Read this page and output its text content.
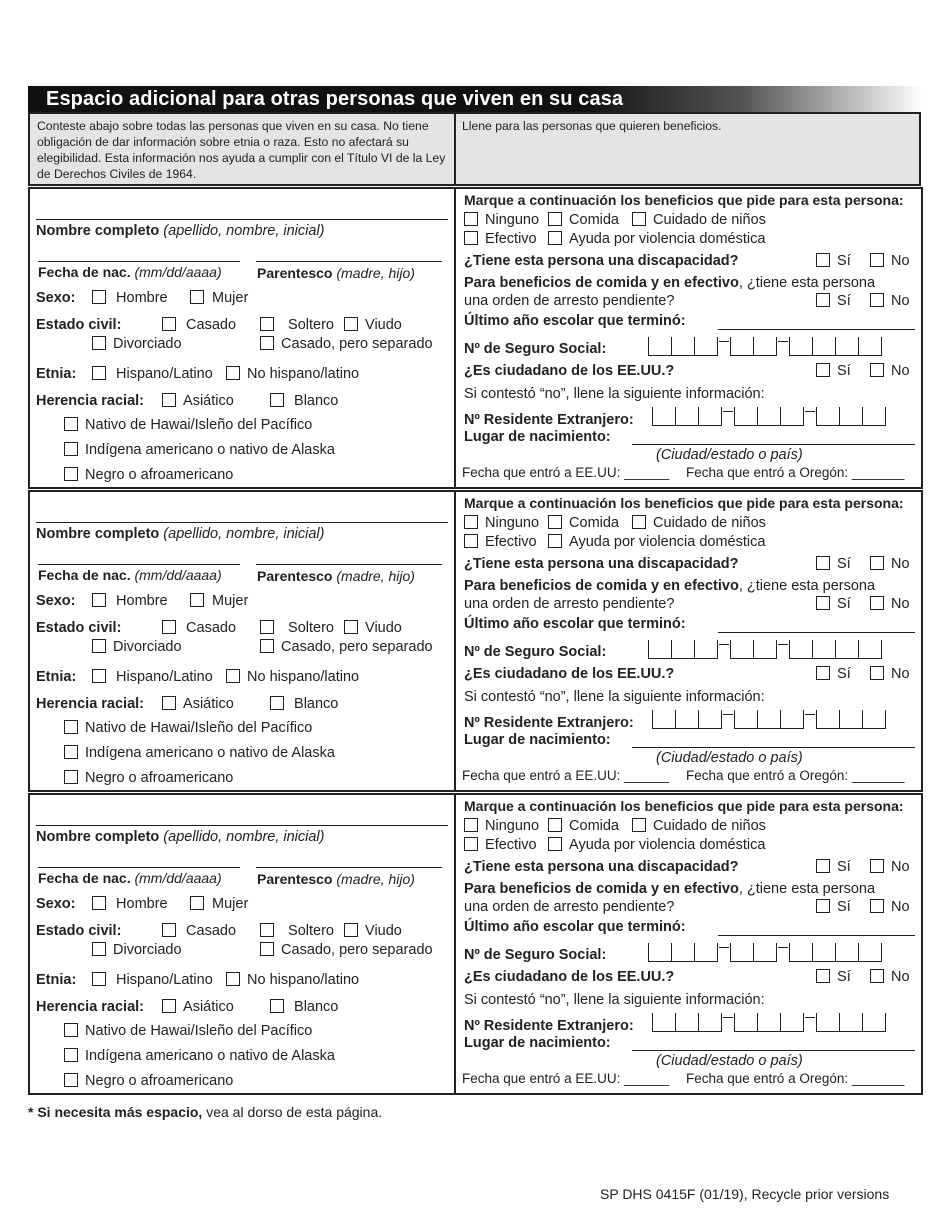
Espacio adicional para otras personas que viven en su casa
Conteste abajo sobre todas las personas que viven en su casa. No tiene obligación de dar información sobre etnia o raza. Esto no afectará su elegibilidad. Esta información nos ayuda a cumplir con el Título VI de la Ley de Derechos Civiles de 1964.
Llene para las personas que quieren beneficios.
Nombre completo (apellido, nombre, inicial)
Fecha de nac. (mm/dd/aaaa)	Parentesco (madre, hijo)
Sexo:	Hombre	Mujer
Estado civil:	Casado	Soltero	Viudo
Divorciado	Casado, pero separado
Etnia:	Hispano/Latino	No hispano/latino
Herencia racial:	Asiático	Blanco
Nativo de Hawai/Isleño del Pacífico
Indígena americano o nativo de Alaska
Negro o afroamericano
Marque a continuación los beneficios que pide para esta persona:
Ninguno	Comida	Cuidado de niños
Efectivo	Ayuda por violencia doméstica
¿Tiene esta persona una discapacidad?	Sí	No
Para beneficios de comida y en efectivo, ¿tiene esta persona
una orden de arresto pendiente?	Sí	No
Último año escolar que terminó:
Nº de Seguro Social:
¿Es ciudadano de los EE.UU.?	Sí	No
Si contestó “no”, llene la siguiente información:
Nº Residente Extranjero:
Lugar de nacimiento:
(Ciudad/estado o país)
Fecha que entró a EE.UU: ______ Fecha que entró a Oregón: _______
Nombre completo (apellido, nombre, inicial)
Fecha de nac. (mm/dd/aaaa)	Parentesco (madre, hijo)
Sexo:	Hombre	Mujer
Estado civil:	Casado	Soltero	Viudo
Divorciado	Casado, pero separado
Etnia:	Hispano/Latino	No hispano/latino
Herencia racial:	Asiático	Blanco
Nativo de Hawai/Isleño del Pacífico
Indígena americano o nativo de Alaska
Negro o afroamericano
Marque a continuación los beneficios que pide para esta persona:
Ninguno	Comida	Cuidado de niños
Efectivo	Ayuda por violencia doméstica
¿Tiene esta persona una discapacidad?	Sí	No
Para beneficios de comida y en efectivo, ¿tiene esta persona
una orden de arresto pendiente?	Sí	No
Último año escolar que terminó:
Nº de Seguro Social:
¿Es ciudadano de los EE.UU.?	Sí	No
Si contestó “no”, llene la siguiente información:
Nº Residente Extranjero:
Lugar de nacimiento:
(Ciudad/estado o país)
Fecha que entró a EE.UU: ______ Fecha que entró a Oregón: _______
Nombre completo (apellido, nombre, inicial)
Fecha de nac. (mm/dd/aaaa)	Parentesco (madre, hijo)
Sexo:	Hombre	Mujer
Estado civil:	Casado	Soltero	Viudo
Divorciado	Casado, pero separado
Etnia:	Hispano/Latino	No hispano/latino
Herencia racial:	Asiático	Blanco
Nativo de Hawai/Isleño del Pacífico
Indígena americano o nativo de Alaska
Negro o afroamericano
Marque a continuación los beneficios que pide para esta persona:
Ninguno	Comida	Cuidado de niños
Efectivo	Ayuda por violencia doméstica
¿Tiene esta persona una discapacidad?	Sí	No
Para beneficios de comida y en efectivo, ¿tiene esta persona
una orden de arresto pendiente?	Sí	No
Último año escolar que terminó:
Nº de Seguro Social:
¿Es ciudadano de los EE.UU.?	Sí	No
Si contestó “no”, llene la siguiente información:
Nº Residente Extranjero:
Lugar de nacimiento:
(Ciudad/estado o país)
Fecha que entró a EE.UU: ______ Fecha que entró a Oregón: _______
* Si necesita más espacio, vea al dorso de esta página.
SP DHS 0415F (01/19), Recycle prior versions
